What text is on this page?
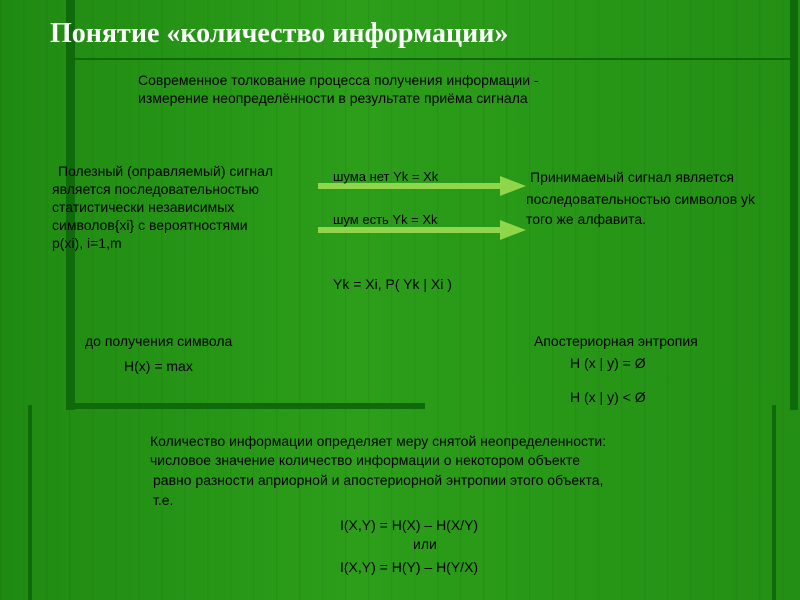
Понятие «количество информации»
Современное толкование процесса получения информации -
измерение неопределённости в результате приёма сигнала
Полезный (оправляемый) сигнал
является последовательностью
статистически независимых
символов{xi} с вероятностями
p(xi), i=1,m
шума нет Yk = Xk
шум есть Yk = Xk
Принимаемый сигнал является
последовательностью символов yk
того же алфавита.
Yk = Xi, P( Yk | Xi )
до получения символа
H(x) = max
Апостериорная энтропия
H (x | y) = Ø
H (x | y) < Ø
Количество информации определяет меру снятой неопределенности:
числовое значение количество информации о некотором объекте
равно разности априорной и апостериорной энтропии этого объекта,
т.е.
I(X,Y) = H(X) – H(X/Y)
или
I(X,Y) = H(Y) – H(Y/X)
